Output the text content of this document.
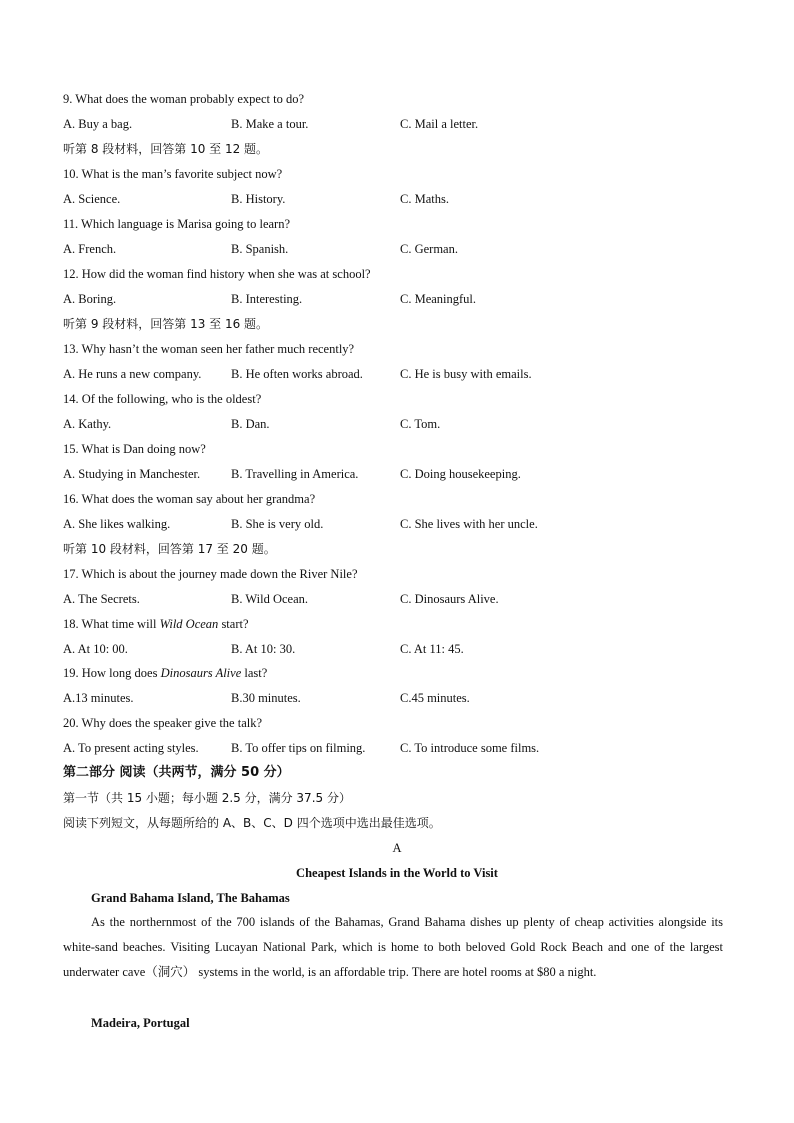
9. What does the woman probably expect to do?
A. Buy a bag.	B. Make a tour.	C. Mail a letter.
听第 8 段材料，回答第 10 至 12 题。
10. What is the man’s favorite subject now?
A. Science.	B. History.	C. Maths.
11. Which language is Marisa going to learn?
A. French.	B. Spanish.	C. German.
12. How did the woman find history when she was at school?
A. Boring.	B. Interesting.	C. Meaningful.
听第 9 段材料，回答第 13 至 16 题。
13. Why hasn’t the woman seen her father much recently?
A. He runs a new company. B. He often works abroad.	C. He is busy with emails.
14. Of the following, who is the oldest?
A. Kathy.	B. Dan.	C. Tom.
15. What is Dan doing now?
A. Studying in Manchester. B. Travelling in America.	C. Doing housekeeping.
16. What does the woman say about her grandma?
A. She likes walking.	B. She is very old.	C. She lives with her uncle.
听第 10 段材料，回答第 17 至 20 题。
17. Which is about the journey made down the River Nile?
A. The Secrets.	B. Wild Ocean.	C. Dinosaurs Alive.
18. What time will Wild Ocean start?
A. At 10: 00.	B. At 10: 30.	C. At 11: 45.
19. How long does Dinosaurs Alive last?
A.13 minutes.	B.30 minutes.	C.45 minutes.
20. Why does the speaker give the talk?
A. To present acting styles.	B. To offer tips on filming.	C. To introduce some films.
第二部分 阅读（共两节，满分 50 分）
第一节（共 15 小题；每小题 2.5 分，满分 37.5 分）
阅读下列短文，从每题所给的 A、B、C、D 四个选项中选出最佳选项。
A
Cheapest Islands in the World to Visit
Grand Bahama Island, The Bahamas
As the northernmost of the 700 islands of the Bahamas, Grand Bahama dishes up plenty of cheap activities alongside its white-sand beaches. Visiting Lucayan National Park, which is home to both beloved Gold Rock Beach and one of the largest underwater cave（洞穴） systems in the world, is an affordable trip. There are hotel rooms at $80 a night.
Madeira, Portugal
